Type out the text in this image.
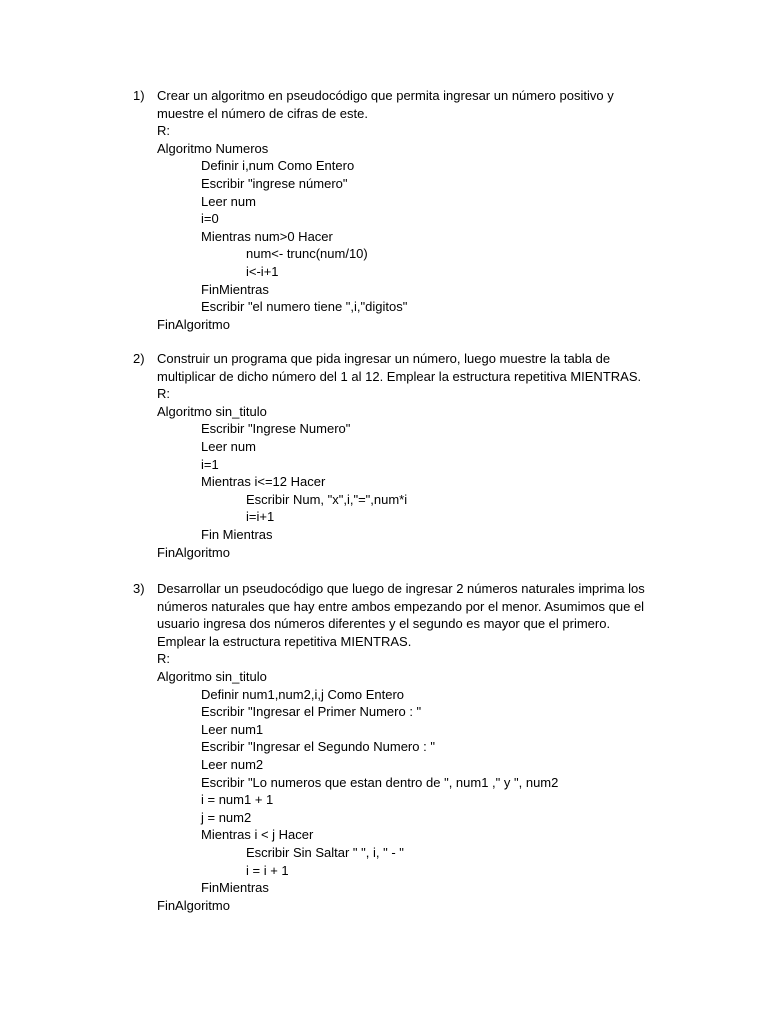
1) Crear un algoritmo en pseudocódigo que permita ingresar un número positivo y
muestre el número de cifras de este.
R:
Algoritmo Numeros
Definir i,num Como Entero
Escribir "ingrese número"
Leer num
i=0
Mientras num>0 Hacer
num<- trunc(num/10)
i<-i+1
FinMientras
Escribir "el numero tiene ",i,"digitos"
FinAlgoritmo
2) Construir un programa que pida ingresar un número, luego muestre la tabla de
multiplicar de dicho número del 1 al 12. Emplear la estructura repetitiva MIENTRAS.
R:
Algoritmo sin_titulo
Escribir "Ingrese Numero"
Leer num
i=1
Mientras i<=12 Hacer
Escribir Num, "x",i,"=",num*i
i=i+1
Fin Mientras
FinAlgoritmo
3) Desarrollar un pseudocódigo que luego de ingresar 2 números naturales imprima los
números naturales que hay entre ambos empezando por el menor. Asumimos que el
usuario ingresa dos números diferentes y el segundo es mayor que el primero.
Emplear la estructura repetitiva MIENTRAS.
R:
Algoritmo sin_titulo
Definir num1,num2,i,j Como Entero
Escribir "Ingresar el Primer Numero : "
Leer num1
Escribir "Ingresar el Segundo Numero : "
Leer num2
Escribir "Lo numeros que estan dentro de ", num1 ," y ", num2
i = num1 + 1
j = num2
Mientras i < j Hacer
Escribir Sin Saltar " ", i, " - "
i = i + 1
FinMientras
FinAlgoritmo
